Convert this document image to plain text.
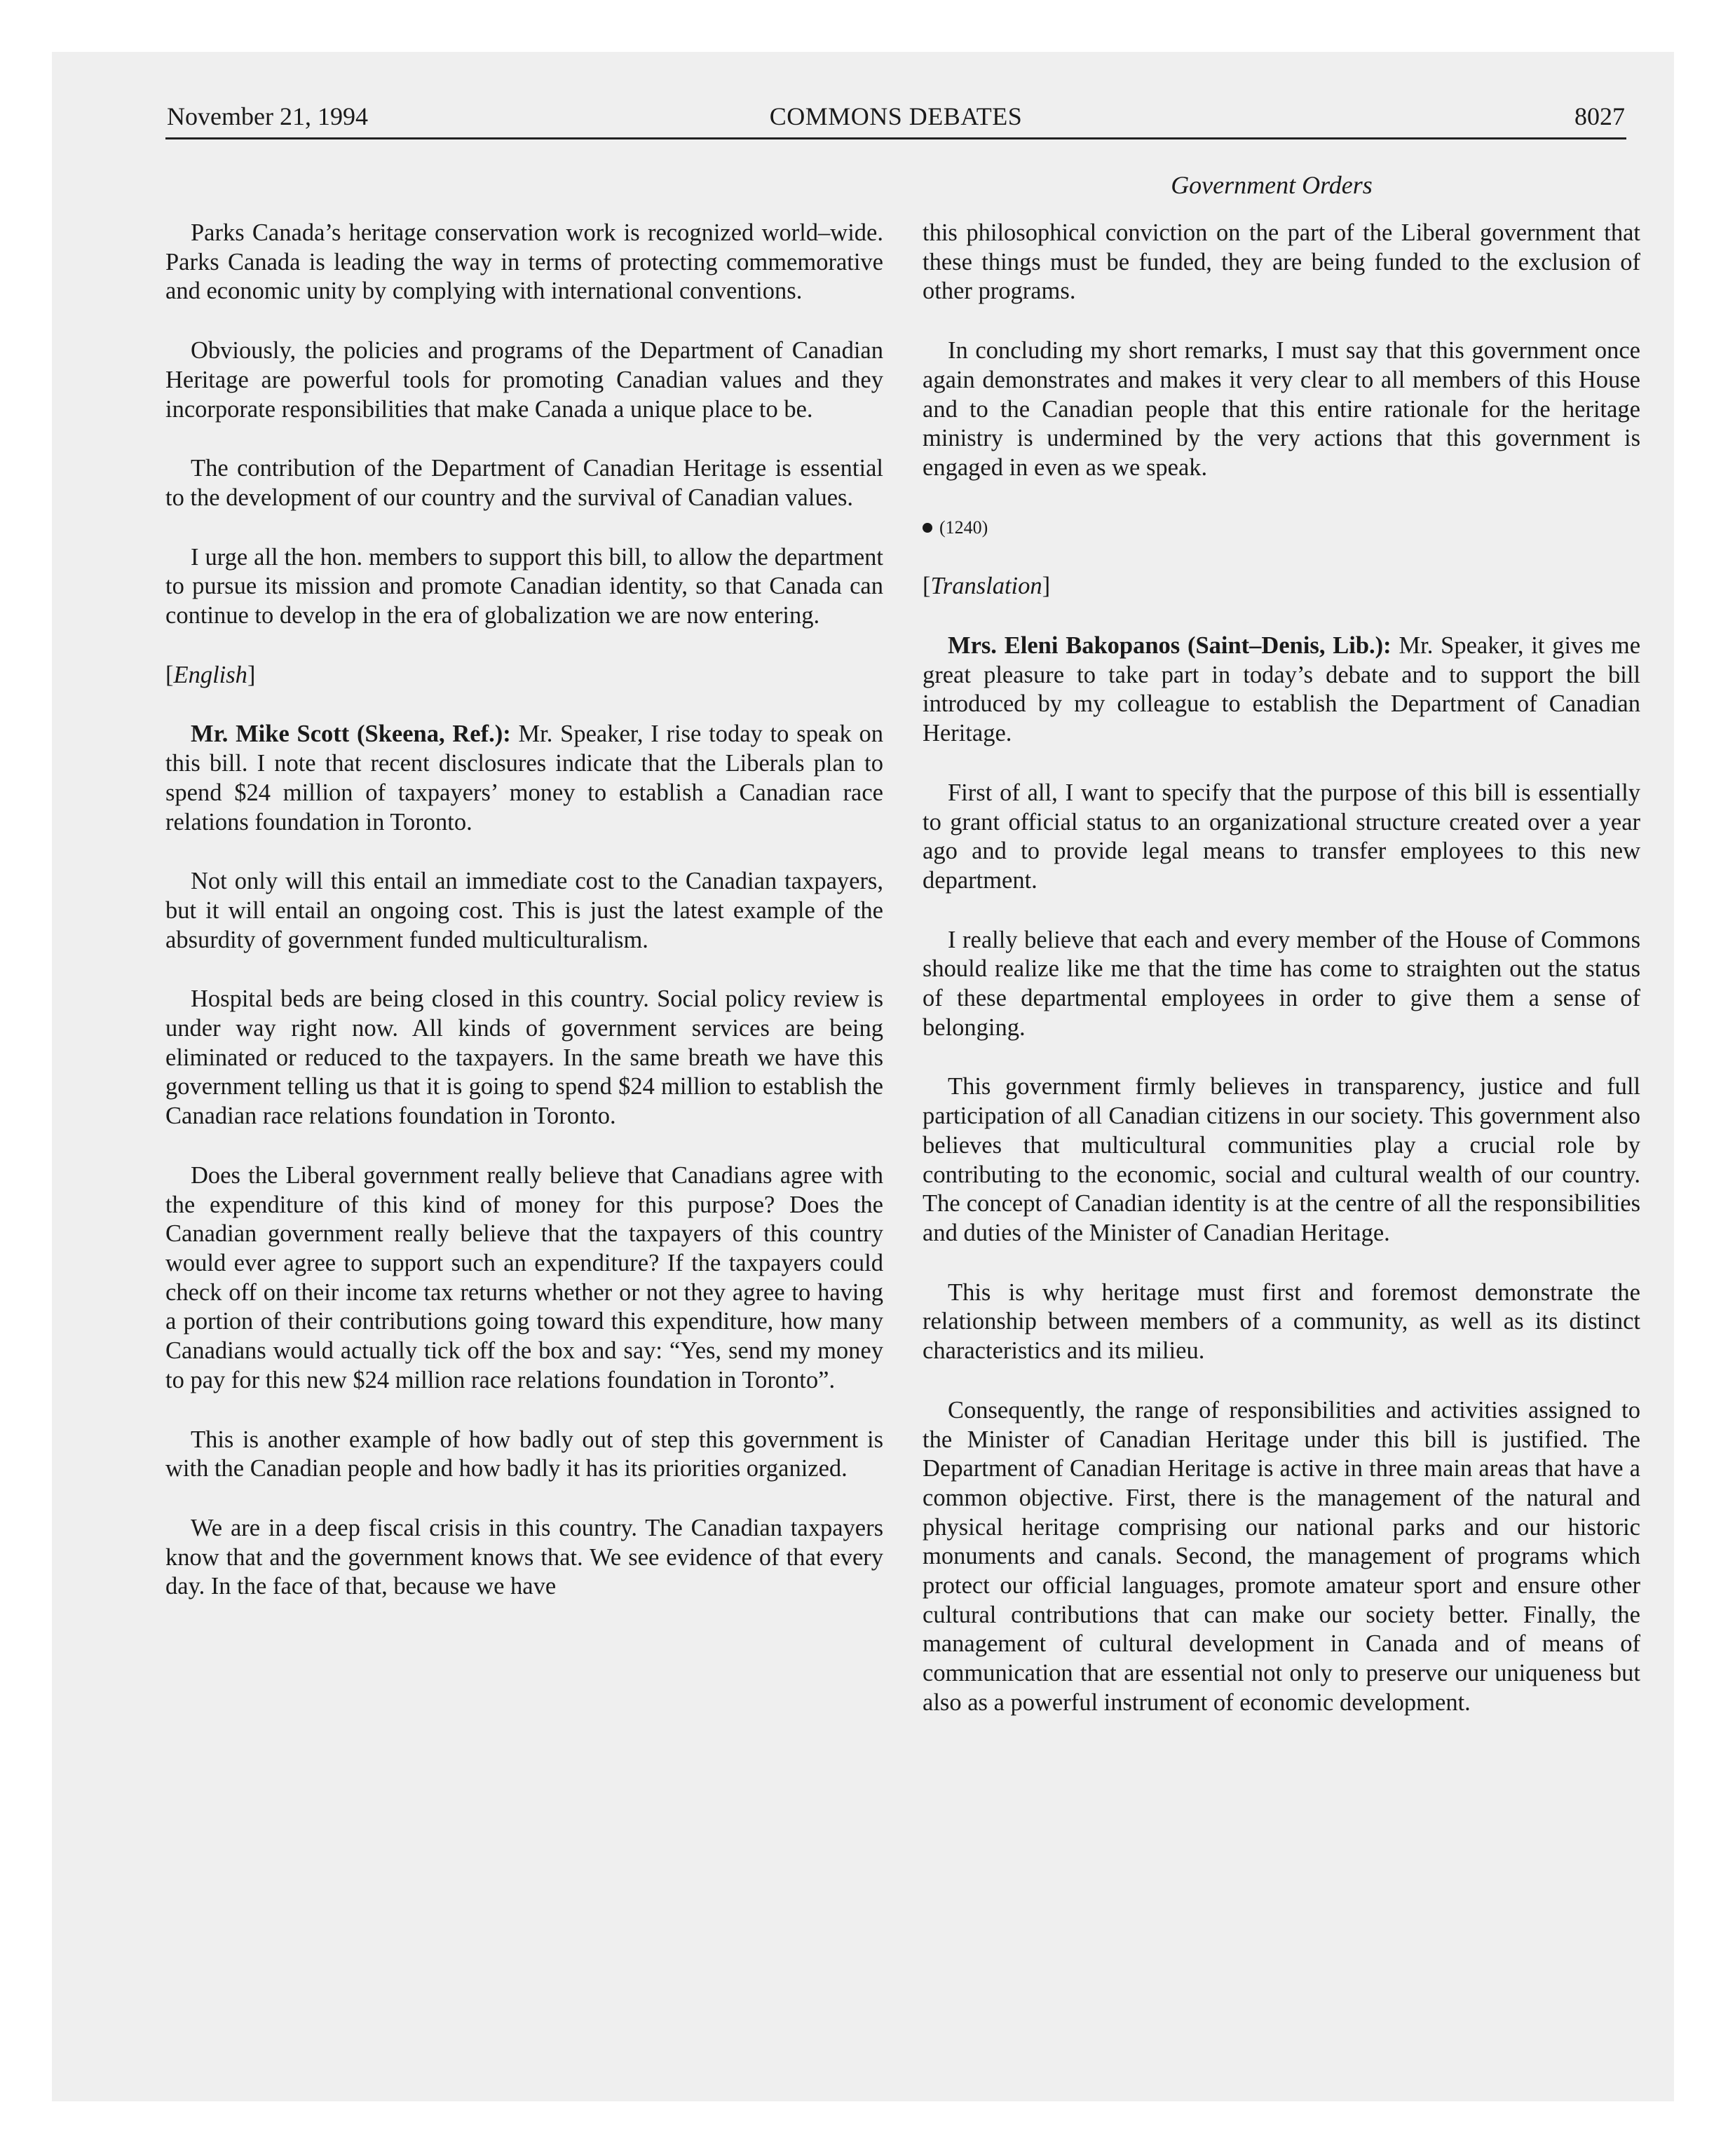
November 21, 1994	COMMONS DEBATES	8027
Government Orders

Parks Canada’s heritage conservation work is recognized world–wide. Parks Canada is leading the way in terms of protecting commemorative and economic unity by complying with international conventions.

Obviously, the policies and programs of the Department of Canadian Heritage are powerful tools for promoting Canadian values and they incorporate responsibilities that make Canada a unique place to be.

The contribution of the Department of Canadian Heritage is essential to the development of our country and the survival of Canadian values.

I urge all the hon. members to support this bill, to allow the department to pursue its mission and promote Canadian identity, so that Canada can continue to develop in the era of globalization we are now entering.

[English]

Mr. Mike Scott (Skeena, Ref.): Mr. Speaker, I rise today to speak on this bill. I note that recent disclosures indicate that the Liberals plan to spend $24 million of taxpayers’ money to establish a Canadian race relations foundation in Toronto.

Not only will this entail an immediate cost to the Canadian taxpayers, but it will entail an ongoing cost. This is just the latest example of the absurdity of government funded multiculturalism.

Hospital beds are being closed in this country. Social policy review is under way right now. All kinds of government services are being eliminated or reduced to the taxpayers. In the same breath we have this government telling us that it is going to spend $24 million to establish the Canadian race relations foundation in Toronto.

Does the Liberal government really believe that Canadians agree with the expenditure of this kind of money for this purpose? Does the Canadian government really believe that the taxpayers of this country would ever agree to support such an expenditure? If the taxpayers could check off on their income tax returns whether or not they agree to having a portion of their contributions going toward this expenditure, how many Canadians would actually tick off the box and say: “Yes, send my money to pay for this new $24 million race relations foundation in Toronto”.

This is another example of how badly out of step this government is with the Canadian people and how badly it has its priorities organized.

We are in a deep fiscal crisis in this country. The Canadian taxpayers know that and the government knows that. We see evidence of that every day. In the face of that, because we have

this philosophical conviction on the part of the Liberal government that these things must be funded, they are being funded to the exclusion of other programs.

In concluding my short remarks, I must say that this government once again demonstrates and makes it very clear to all members of this House and to the Canadian people that this entire rationale for the heritage ministry is undermined by the very actions that this government is engaged in even as we speak.

(1240)

[Translation]

Mrs. Eleni Bakopanos (Saint–Denis, Lib.): Mr. Speaker, it gives me great pleasure to take part in today’s debate and to support the bill introduced by my colleague to establish the Department of Canadian Heritage.

First of all, I want to specify that the purpose of this bill is essentially to grant official status to an organizational structure created over a year ago and to provide legal means to transfer employees to this new department.

I really believe that each and every member of the House of Commons should realize like me that the time has come to straighten out the status of these departmental employees in order to give them a sense of belonging.

This government firmly believes in transparency, justice and full participation of all Canadian citizens in our society. This government also believes that multicultural communities play a crucial role by contributing to the economic, social and cultural wealth of our country. The concept of Canadian identity is at the centre of all the responsibilities and duties of the Minister of Canadian Heritage.

This is why heritage must first and foremost demonstrate the relationship between members of a community, as well as its distinct characteristics and its milieu.

Consequently, the range of responsibilities and activities assigned to the Minister of Canadian Heritage under this bill is justified. The Department of Canadian Heritage is active in three main areas that have a common objective. First, there is the management of the natural and physical heritage comprising our national parks and our historic monuments and canals. Second, the management of programs which protect our official languages, promote amateur sport and ensure other cultural contributions that can make our society better. Finally, the management of cultural development in Canada and of means of communication that are essential not only to preserve our uniqueness but also as a powerful instrument of economic development.
